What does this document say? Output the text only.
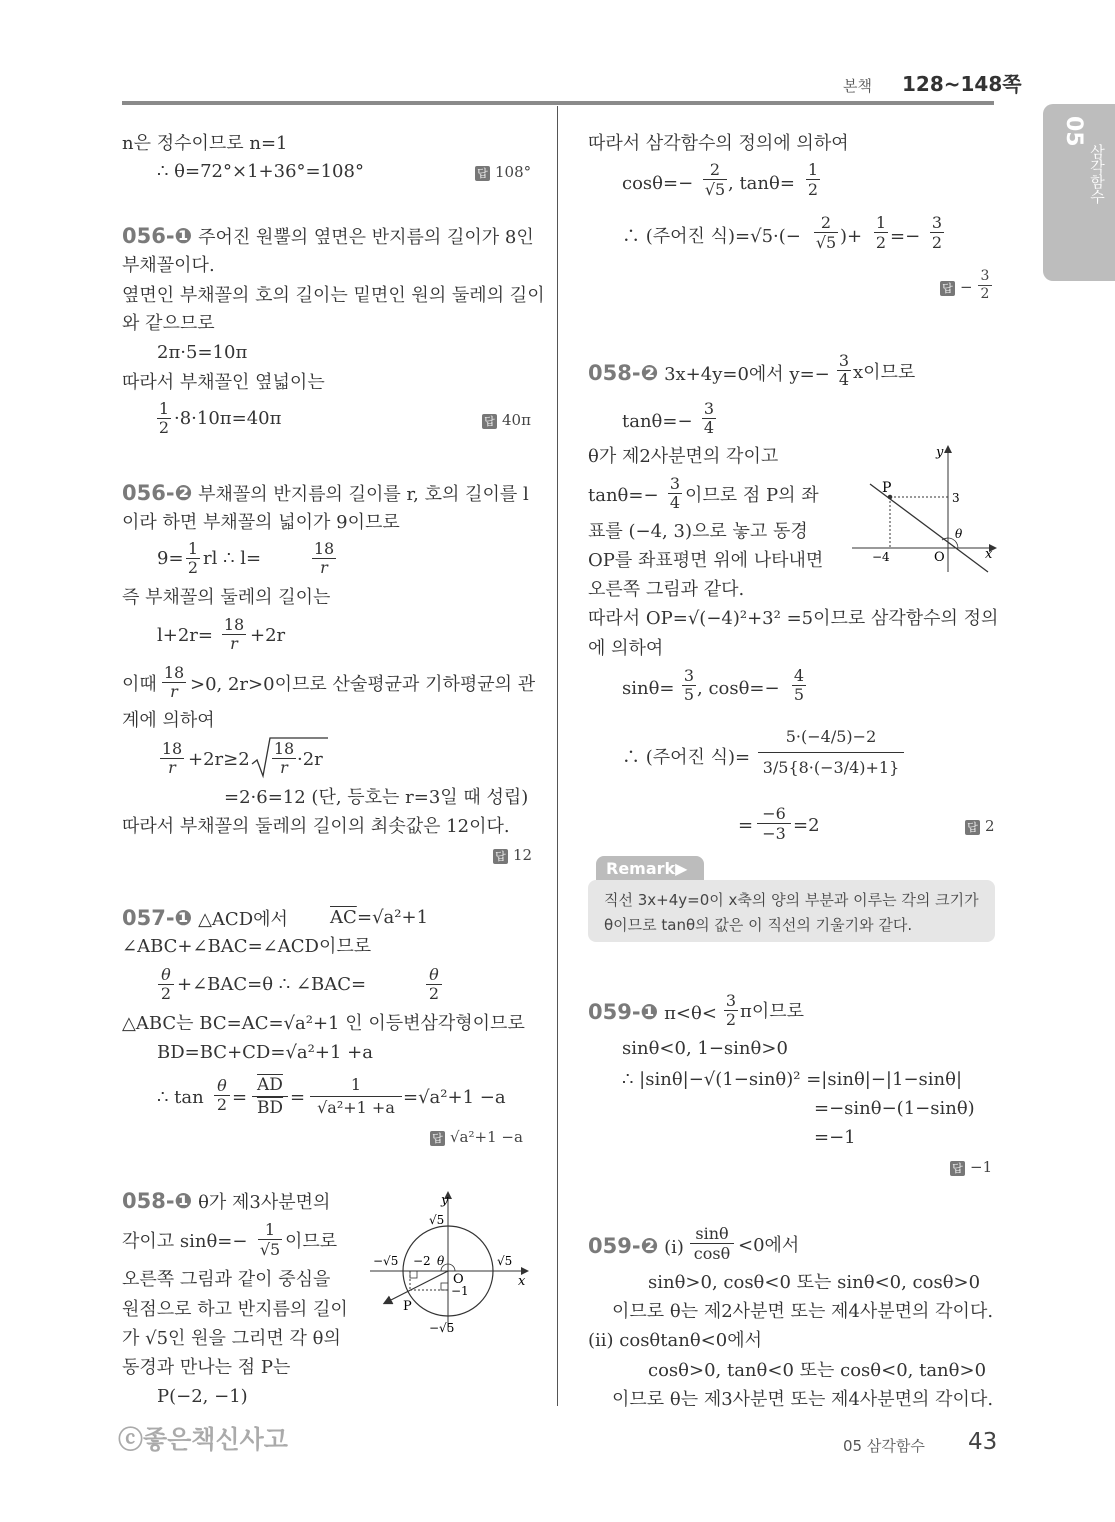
본책 128~148쪽
05
삼각함수
n은 정수이므로 n=1
∴ θ=72°×1+36°=108°	답 108°
056-❶ 주어진 원뿔의 옆면은 반지름의 길이가 8인
부채꼴이다.
옆면인 부채꼴의 호의 길이는 밑면인 원의 둘레의 길이
와 같으므로
2π·5=10π
따라서 부채꼴인 옆넓이는
1
2 ·8·10π=40π	답 40π
056-❷ 부채꼴의 반지름의 길이를 r, 호의 길이를 l
이라 하면 부채꼴의 넓이가 9이므로
9= 1
2 rl ∴ l=	18
r
즉 부채꼴의 둘레의 길이는
l+2r=
18
r +2r
이때
18
r >0, 2r>0이므로 산술평균과 기하평균의 관
계에 의하여
18
r +2r≥2
18
r ·2r
=2·6=12 (단, 등호는 r=3일 때 성립)
따라서 부채꼴의 둘레의 길이의 최솟값은 12이다.
답 12
057-❶ △ACD에서 $\overline{AC} =√a^2+1$
∠ABC+∠BAC=∠ACD이므로
θ
2 +∠BAC=θ ∴ ∠BAC=	θ
2
△ABC는 BC=AC=√a²+1 인 이등변삼각형이므로
BD=BC+CD=√a²+1 +a
∴ tan
θ
2 =
$\overline{AD}$
$\overline{BD}$ =
1
√a²+1 +a =√a²+1 −a
답 √a²+1 −a
058-❶ θ가 제3사분면의
각이고 sinθ=−
1
√5 이므로
오른쪽 그림과 같이 중심을
원점으로 하고 반지름의 길이
가 √5인 원을 그리면 각 θ의
동경과 만나는 점 P는
P(−2, −1)
y
x
√5
−√5
−√5	√5
−2
−1
O
P
θ
따라서 삼각함수의 정의에 의하여
cosθ=−
2
√5 , tanθ=
1
2
∴ (주어진 식)=√5·(−
2
√5 )+
1
2 =−
3
2
답 −
3
2
058-❷ 3x+4y=0에서 y=−
3
4 x이므로
tanθ=−
3
4
θ가 제2사분면의 각이고
tanθ=−
3
4 이므로 점 P의 좌
표를 (−4, 3)으로 놓고 동경
OP를 좌표평면 위에 나타내면
오른쪽 그림과 같다.
따라서 OP=√(−4)²+3² =5이므로 삼각함수의 정의
에 의하여
sinθ=
3
5 , cosθ=−
4
5
∴ (주어진 식)= $\frac{5\cdot(-4/5)-2}{3/5\{8\cdot(-3/4)+1\}}$
=
−6
−3 =2	답 2
y
x
P
3
−4	O
θ
Remark▶
직선 3x+4y=0이 x축의 양의 부분과 이루는 각의 크기가
θ이므로 tanθ의 값은 이 직선의 기울기와 같다.
059-❶ π<θ<
3
2 π이므로
sinθ<0, 1−sinθ>0
∴ |sinθ|−√(1−sinθ)² =|sinθ|−|1−sinθ|
=−sinθ−(1−sinθ)
=−1
답 −1
059-❷ (i)
sinθ
cosθ <0에서
sinθ>0, cosθ<0 또는 sinθ<0, cosθ>0
이므로 θ는 제2사분면 또는 제4사분면의 각이다.
(ii) cosθtanθ<0에서
cosθ>0, tanθ<0 또는 cosθ<0, tanθ>0
이므로 θ는 제3사분면 또는 제4사분면의 각이다.
ⓒ좋은책신사고	05 삼각함수 43
